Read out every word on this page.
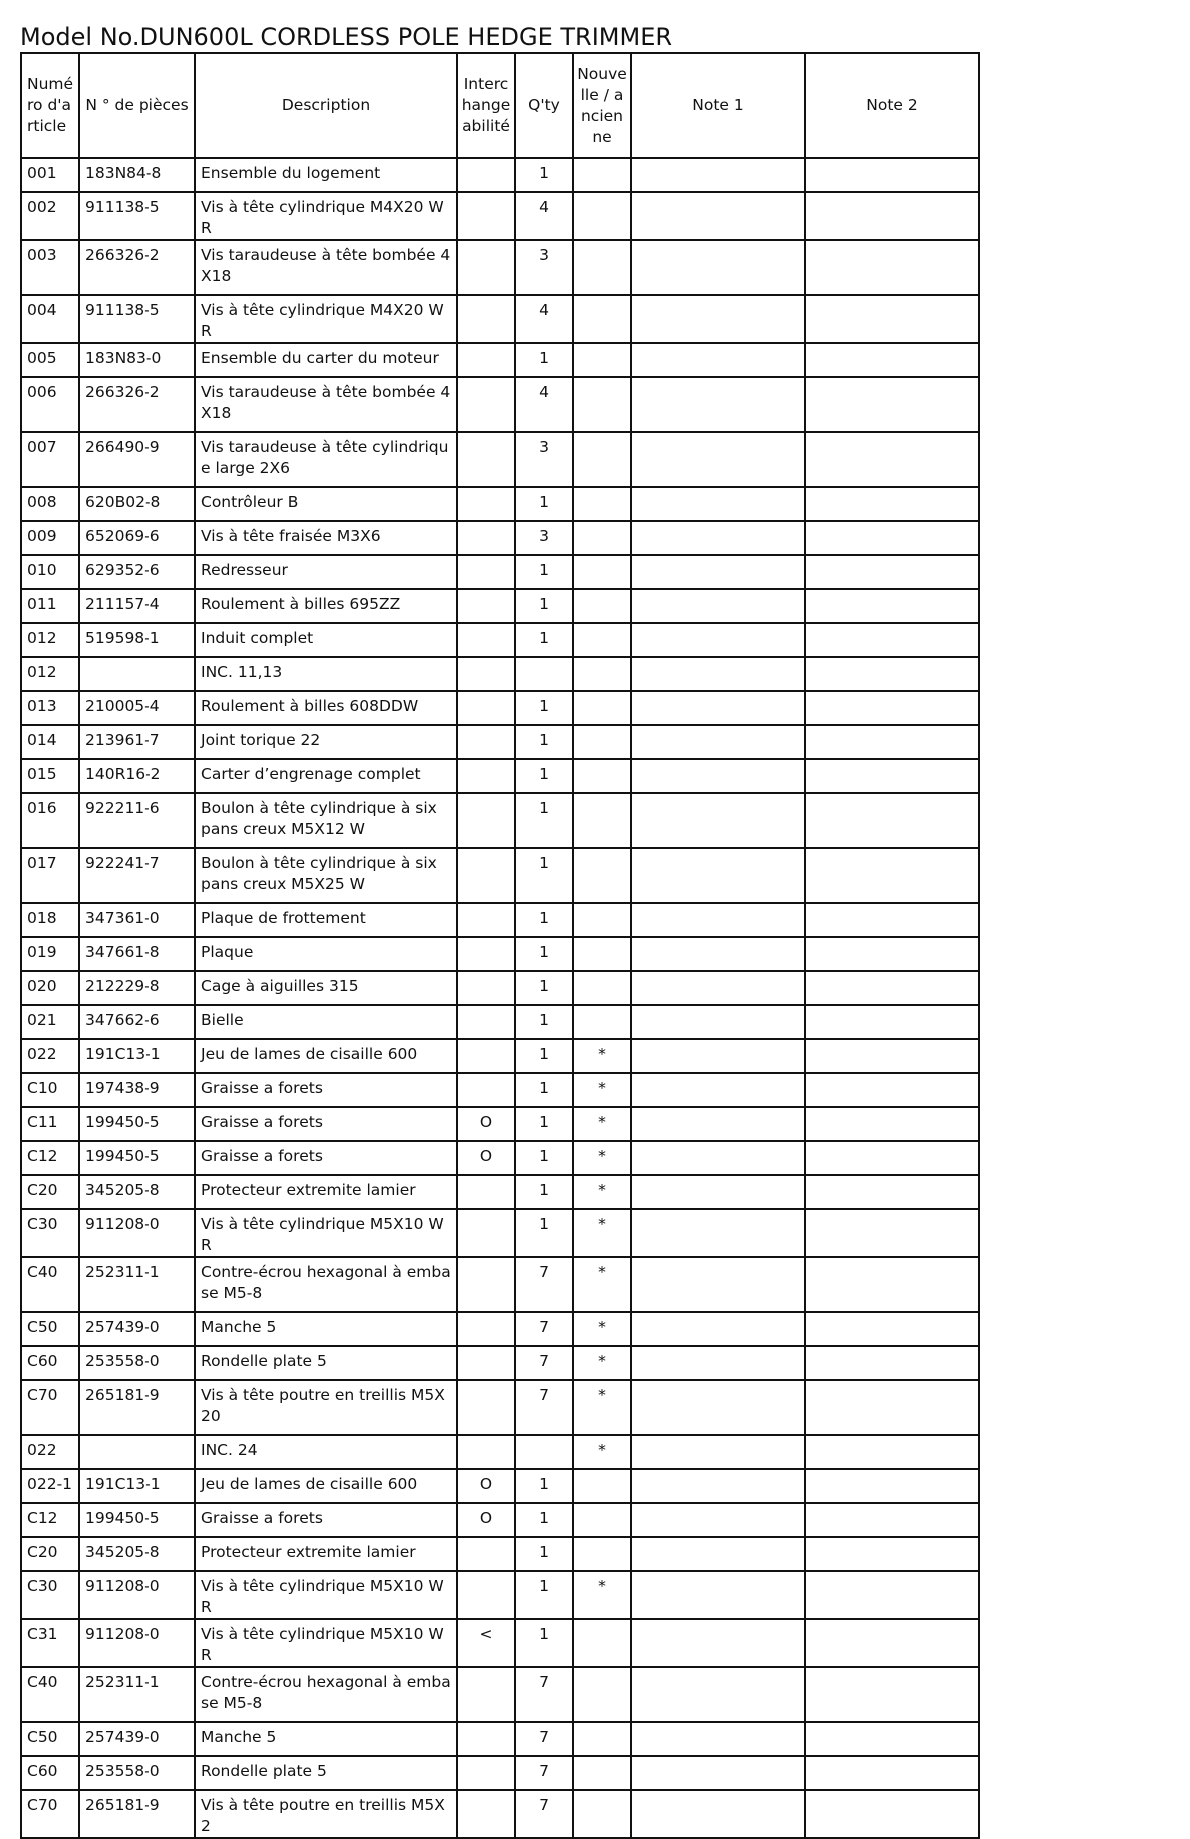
Model No.DUN600L CORDLESS POLE HEDGE TRIMMER
Numéro d'article	N ° de pièces	Description	Interchangeabilité	Q'ty	Nouvelle / ancienne	Note 1	Note 2
001	183N84-8	Ensemble du logement		1			
002	911138-5	Vis à tête cylindrique M4X20 WR		4			
003	266326-2	Vis taraudeuse à tête bombée 4X18		3			
004	911138-5	Vis à tête cylindrique M4X20 WR		4			
005	183N83-0	Ensemble du carter du moteur		1			
006	266326-2	Vis taraudeuse à tête bombée 4X18		4			
007	266490-9	Vis taraudeuse à tête cylindrique large 2X6		3			
008	620B02-8	Contrôleur B		1			
009	652069-6	Vis à tête fraisée M3X6		3			
010	629352-6	Redresseur		1			
011	211157-4	Roulement à billes 695ZZ		1			
012	519598-1	Induit complet		1			
012		INC. 11,13					
013	210005-4	Roulement à billes 608DDW		1			
014	213961-7	Joint torique 22		1			
015	140R16-2	Carter d’engrenage complet		1			
016	922211-6	Boulon à tête cylindrique à six pans creux M5X12 W		1			
017	922241-7	Boulon à tête cylindrique à six pans creux M5X25 W		1			
018	347361-0	Plaque de frottement		1			
019	347661-8	Plaque		1			
020	212229-8	Cage à aiguilles 315		1			
021	347662-6	Bielle		1			
022	191C13-1	Jeu de lames de cisaille 600		1	*		
C10	197438-9	Graisse a forets		1	*		
C11	199450-5	Graisse a forets	O	1	*		
C12	199450-5	Graisse a forets	O	1	*		
C20	345205-8	Protecteur extremite lamier		1	*		
C30	911208-0	Vis à tête cylindrique M5X10 WR		1	*		
C40	252311-1	Contre-écrou hexagonal à embase M5-8		7	*		
C50	257439-0	Manche 5		7	*		
C60	253558-0	Rondelle plate 5		7	*		
C70	265181-9	Vis à tête poutre en treillis M5X20		7	*		
022		INC. 24			*		
022-1	191C13-1	Jeu de lames de cisaille 600	O	1			
C12	199450-5	Graisse a forets	O	1			
C20	345205-8	Protecteur extremite lamier		1			
C30	911208-0	Vis à tête cylindrique M5X10 WR		1	*		
C31	911208-0	Vis à tête cylindrique M5X10 WR	<	1			
C40	252311-1	Contre-écrou hexagonal à embase M5-8		7			
C50	257439-0	Manche 5		7			
C60	253558-0	Rondelle plate 5		7			
C70	265181-9	Vis à tête poutre en treillis M5X2		7			
